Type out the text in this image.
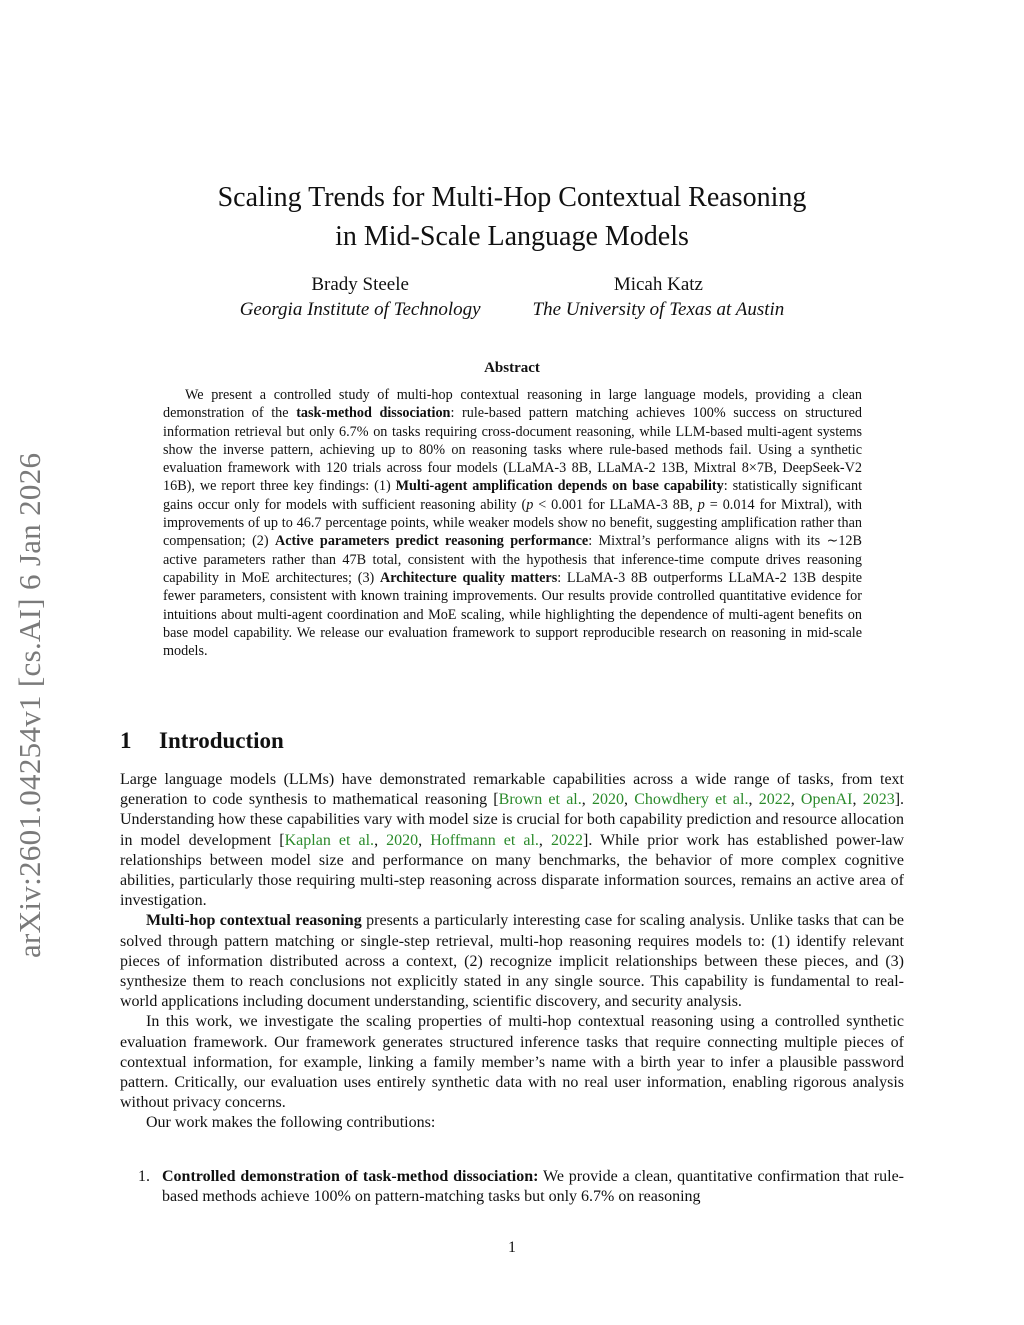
arXiv:2601.04254v1 [cs.AI] 6 Jan 2026
Scaling Trends for Multi-Hop Contextual Reasoning
in Mid-Scale Language Models
Brady Steele
Georgia Institute of Technology
Micah Katz
The University of Texas at Austin
Abstract
We present a controlled study of multi-hop contextual reasoning in large language models, providing a clean demonstration of the task-method dissociation: rule-based pattern matching achieves 100% success on structured information retrieval but only 6.7% on tasks requiring cross-document reasoning, while LLM-based multi-agent systems show the inverse pattern, achieving up to 80% on reasoning tasks where rule-based methods fail. Using a synthetic evaluation framework with 120 trials across four models (LLaMA-3 8B, LLaMA-2 13B, Mixtral 8×7B, DeepSeek-V2 16B), we report three key findings: (1) Multi-agent amplification depends on base capability: statistically significant gains occur only for models with sufficient reasoning ability (p < 0.001 for LLaMA-3 8B, p = 0.014 for Mixtral), with improvements of up to 46.7 percentage points, while weaker models show no benefit, suggesting amplification rather than compensation; (2) Active parameters predict reasoning performance: Mixtral’s performance aligns with its ∼12B active parameters rather than 47B total, consistent with the hypothesis that inference-time compute drives reasoning capability in MoE architectures; (3) Architecture quality matters: LLaMA-3 8B outperforms LLaMA-2 13B despite fewer parameters, consistent with known training improvements. Our results provide controlled quantitative evidence for intuitions about multi-agent coordination and MoE scaling, while highlighting the dependence of multi-agent benefits on base model capability. We release our evaluation framework to support reproducible research on reasoning in mid-scale models.
1 Introduction

Large language models (LLMs) have demonstrated remarkable capabilities across a wide range of tasks, from text generation to code synthesis to mathematical reasoning [Brown et al., 2020, Chowdhery et al., 2022, OpenAI, 2023]. Understanding how these capabilities vary with model size is crucial for both capability prediction and resource allocation in model development [Kaplan et al., 2020, Hoffmann et al., 2022]. While prior work has established power-law relationships between model size and performance on many benchmarks, the behavior of more complex cognitive abilities, particularly those requiring multi-step reasoning across disparate information sources, remains an active area of investigation.

Multi-hop contextual reasoning presents a particularly interesting case for scaling analysis. Unlike tasks that can be solved through pattern matching or single-step retrieval, multi-hop reasoning requires models to: (1) identify relevant pieces of information distributed across a context, (2) recognize implicit relationships between these pieces, and (3) synthesize them to reach conclusions not explicitly stated in any single source. This capability is fundamental to real-world applications including document understanding, scientific discovery, and security analysis.

In this work, we investigate the scaling properties of multi-hop contextual reasoning using a controlled synthetic evaluation framework. Our framework generates structured inference tasks that require connecting multiple pieces of contextual information, for example, linking a family member’s name with a birth year to infer a plausible password pattern. Critically, our evaluation uses entirely synthetic data with no real user information, enabling rigorous analysis without privacy concerns.

Our work makes the following contributions:

1. Controlled demonstration of task-method dissociation: We provide a clean, quantitative confirmation that rule-based methods achieve 100% on pattern-matching tasks but only 6.7% on reasoning
1
